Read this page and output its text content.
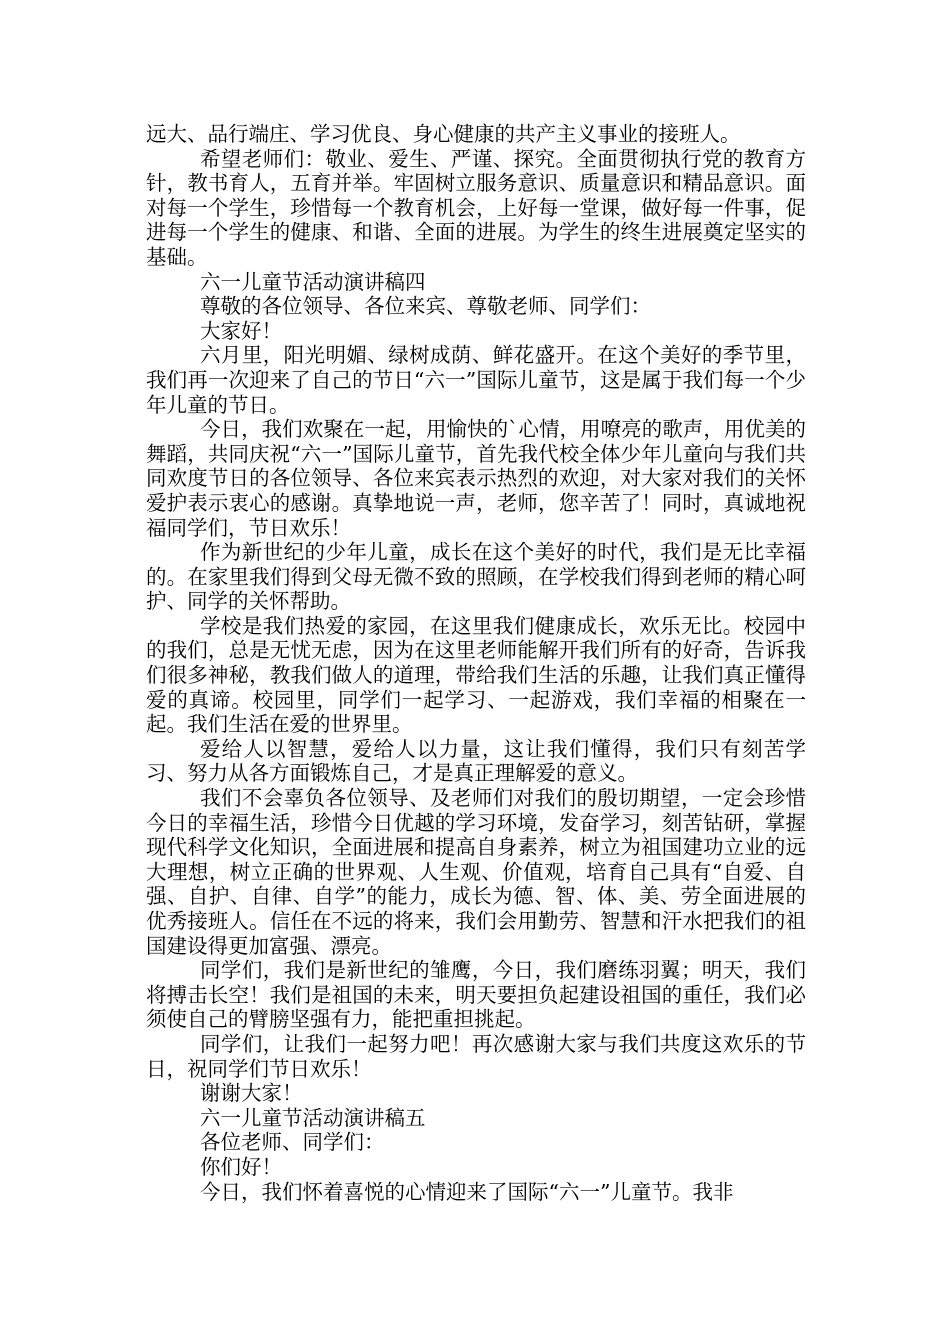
远大、品行端庄、学习优良、身心健康的共产主义事业的接班人。

希望老师们：敬业、爱生、严谨、探究。全面贯彻执行党的教育方针，教书育人，五育并举。牢固树立服务意识、质量意识和精品意识。面对每一个学生，珍惜每一个教育机会，上好每一堂课，做好每一件事，促进每一个学生的健康、和谐、全面的进展。为学生的终生进展奠定坚实的基础。

六一儿童节活动演讲稿四

尊敬的各位领导、各位来宾、尊敬老师、同学们：

大家好！

六月里，阳光明媚、绿树成荫、鲜花盛开。在这个美好的季节里，我们再一次迎来了自己的节日“六一”国际儿童节，这是属于我们每一个少年儿童的节日。

今日，我们欢聚在一起，用愉快的`心情，用嘹亮的歌声，用优美的舞蹈，共同庆祝“六一”国际儿童节，首先我代校全体少年儿童向与我们共同欢度节日的各位领导、各位来宾表示热烈的欢迎，对大家对我们的关怀爱护表示衷心的感谢。真挚地说一声，老师，您辛苦了！同时，真诚地祝福同学们，节日欢乐！

作为新世纪的少年儿童，成长在这个美好的时代，我们是无比幸福的。在家里我们得到父母无微不致的照顾，在学校我们得到老师的精心呵护、同学的关怀帮助。

学校是我们热爱的家园，在这里我们健康成长，欢乐无比。校园中的我们，总是无忧无虑，因为在这里老师能解开我们所有的好奇，告诉我们很多神秘，教我们做人的道理，带给我们生活的乐趣，让我们真正懂得爱的真谛。校园里，同学们一起学习、一起游戏，我们幸福的相聚在一起。我们生活在爱的世界里。

爱给人以智慧，爱给人以力量，这让我们懂得，我们只有刻苦学习、努力从各方面锻炼自己，才是真正理解爱的意义。

我们不会辜负各位领导、及老师们对我们的殷切期望，一定会珍惜今日的幸福生活，珍惜今日优越的学习环境，发奋学习，刻苦钻研，掌握现代科学文化知识，全面进展和提高自身素养，树立为祖国建功立业的远大理想，树立正确的世界观、人生观、价值观，培育自己具有“自爱、自强、自护、自律、自学”的能力，成长为德、智、体、美、劳全面进展的优秀接班人。信任在不远的将来，我们会用勤劳、智慧和汗水把我们的祖国建设得更加富强、漂亮。

同学们，我们是新世纪的雏鹰，今日，我们磨练羽翼；明天，我们将搏击长空！我们是祖国的未来，明天要担负起建设祖国的重任，我们必须使自己的臂膀坚强有力，能把重担挑起。

同学们，让我们一起努力吧！再次感谢大家与我们共度这欢乐的节日，祝同学们节日欢乐！

谢谢大家！

六一儿童节活动演讲稿五

各位老师、同学们：

你们好！

今日，我们怀着喜悦的心情迎来了国际“六一”儿童节。我非
